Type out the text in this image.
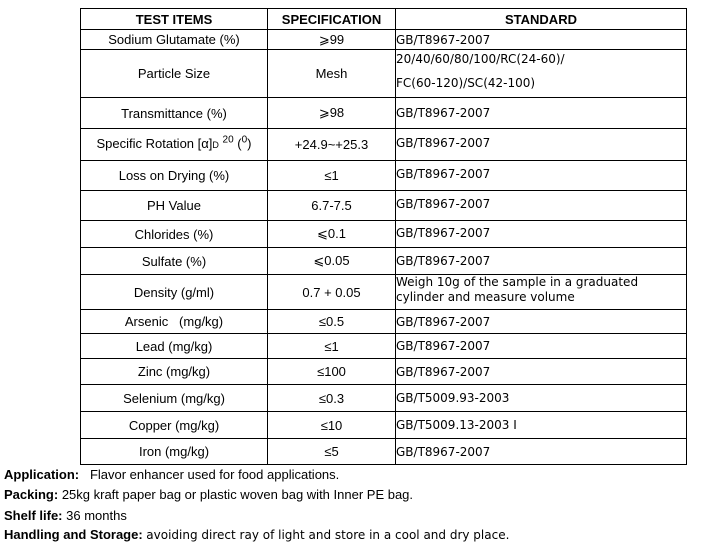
TEST ITEMS	SPECIFICATION	STANDARD
Sodium Glutamate (%)	⩾99	GB/T8967-2007
Particle Size	Mesh	20/40/60/80/100/RC(24-60)/
FC(60-120)/SC(42-100)

Transmittance (%)	⩾98	GB/T8967-2007
Specific Rotation [α]D $^{20}$ ($^0$)	+24.9~+25.3	GB/T8967-2007
Loss on Drying (%)	≤1	GB/T8967-2007
PH Value	6.7-7.5	GB/T8967-2007
Chlorides (%)	⩽0.1	GB/T8967-2007
Sulfate (%)	⩽0.05	GB/T8967-2007
Density (g/ml)	0.7 + 0.05	Weigh 10g of the sample in a graduated
cylinder and measure volume

Arsenic   (mg/kg)	≤0.5	GB/T8967-2007
Lead (mg/kg)	≤1	GB/T8967-2007
Zinc (mg/kg)	≤100	GB/T8967-2007
Selenium (mg/kg)	≤0.3	GB/T5009.93-2003
Copper (mg/kg)	≤10	GB/T5009.13-2003 I
Iron (mg/kg)	≤5	GB/T8967-2007
Application: Flavor enhancer used for food applications.
Packing: 25kg kraft paper bag or plastic woven bag with Inner PE bag.
Shelf life: 36 months
Handling and Storage: avoiding direct ray of light and store in a cool and dry place.
